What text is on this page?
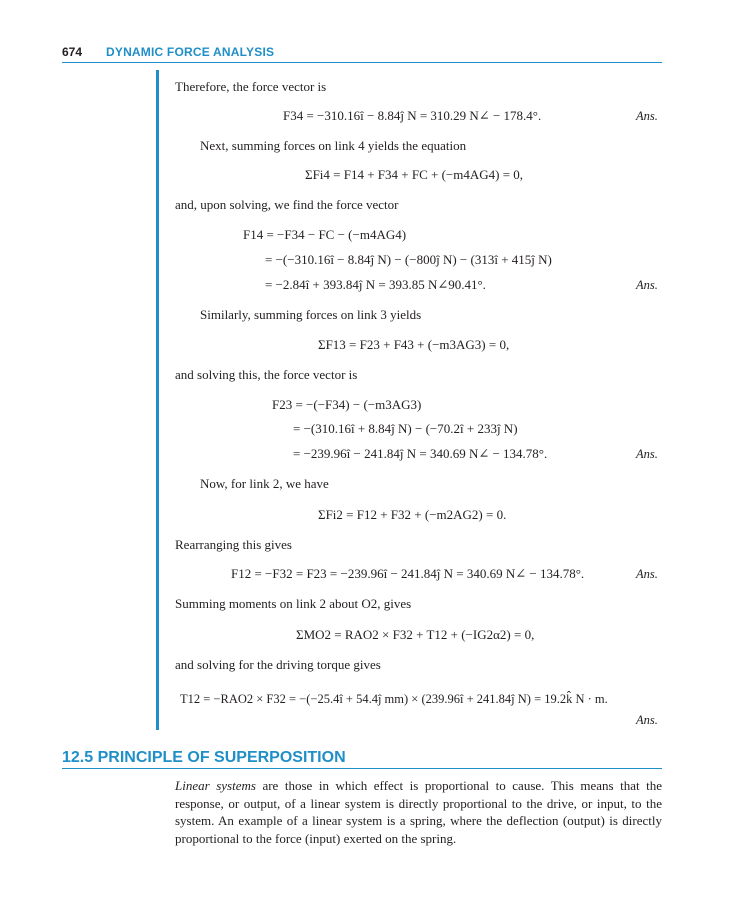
674 DYNAMIC FORCE ANALYSIS
Therefore, the force vector is
F34 = −310.16î − 8.84ĵ N = 310.29 N∠ − 178.4°.	Ans.
Next, summing forces on link 4 yields the equation
ΣFi4 = F14 + F34 + FC + (−m4AG4) = 0,
and, upon solving, we find the force vector
F14 = −F34 − FC − (−m4AG4)
= −(−310.16î − 8.84ĵ N) − (−800ĵ N) − (313î + 415ĵ N)
= −2.84î + 393.84ĵ N = 393.85 N∠90.41°.	Ans.
Similarly, summing forces on link 3 yields
ΣF13 = F23 + F43 + (−m3AG3) = 0,
and solving this, the force vector is
F23 = −(−F34) − (−m3AG3)
= −(310.16î + 8.84ĵ N) − (−70.2î + 233ĵ N)
= −239.96î − 241.84ĵ N = 340.69 N∠ − 134.78°.	Ans.
Now, for link 2, we have
ΣFi2 = F12 + F32 + (−m2AG2) = 0.
Rearranging this gives
F12 = −F32 = F23 = −239.96î − 241.84ĵ N = 340.69 N∠ − 134.78°.	Ans.
Summing moments on link 2 about O2, gives
ΣMO2 = RAO2 × F32 + T12 + (−IG2α2) = 0,
and solving for the driving torque gives
T12 = −RAO2 × F32 = −(−25.4î + 54.4ĵ mm) × (239.96î + 241.84ĵ N) = 19.2k̂ N · m.
Ans.
12.5 PRINCIPLE OF SUPERPOSITION
Linear systems are those in which effect is proportional to cause. This means that the response, or output, of a linear system is directly proportional to the drive, or input, to the system. An example of a linear system is a spring, where the deflection (output) is directly proportional to the force (input) exerted on the spring.
